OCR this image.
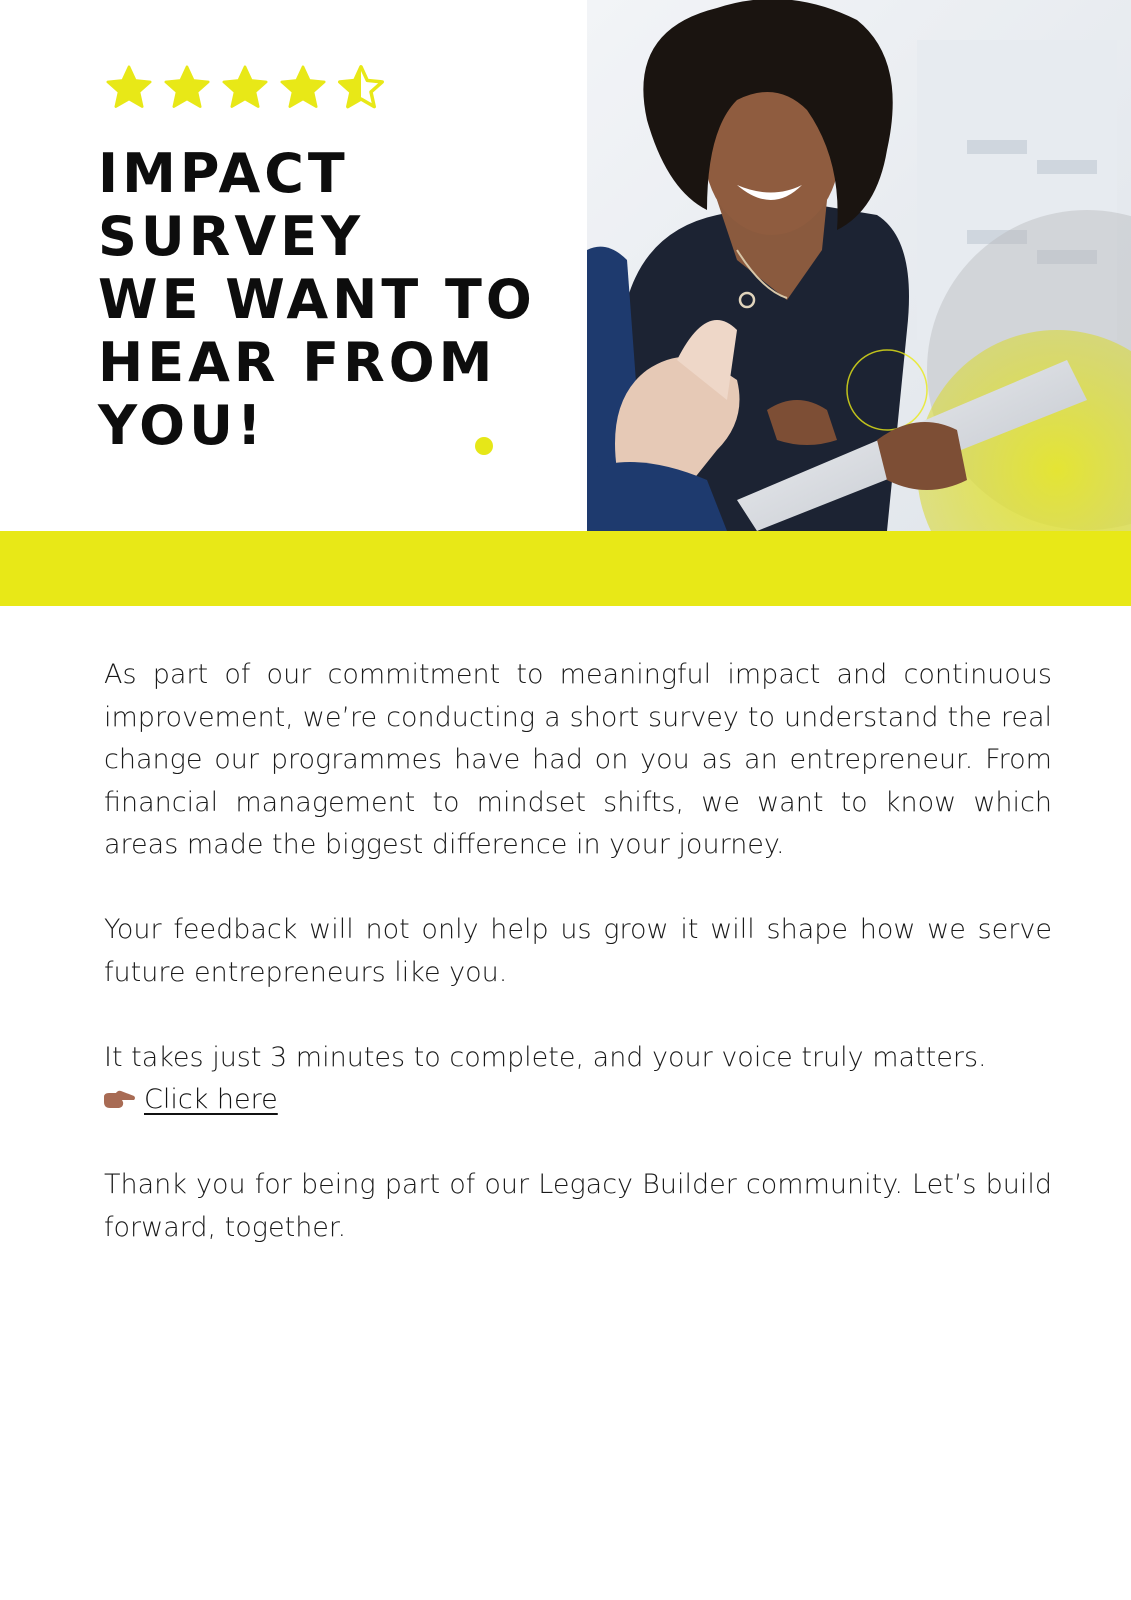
IMPACT
SURVEY
WE WANT TO
HEAR FROM
YOU!

As part of our commitment to meaningful impact and continuous improvement, we’re conducting a short survey to understand the real change our programmes have had on you as an entrepreneur. From financial management to mindset shifts, we want to know which areas made the biggest difference in your journey.

Your feedback will not only help us grow it will shape how we serve future entrepreneurs like you.

It takes just 3 minutes to complete, and your voice truly matters.

Click here

Thank you for being part of our Legacy Builder community. Let’s build forward, together.
